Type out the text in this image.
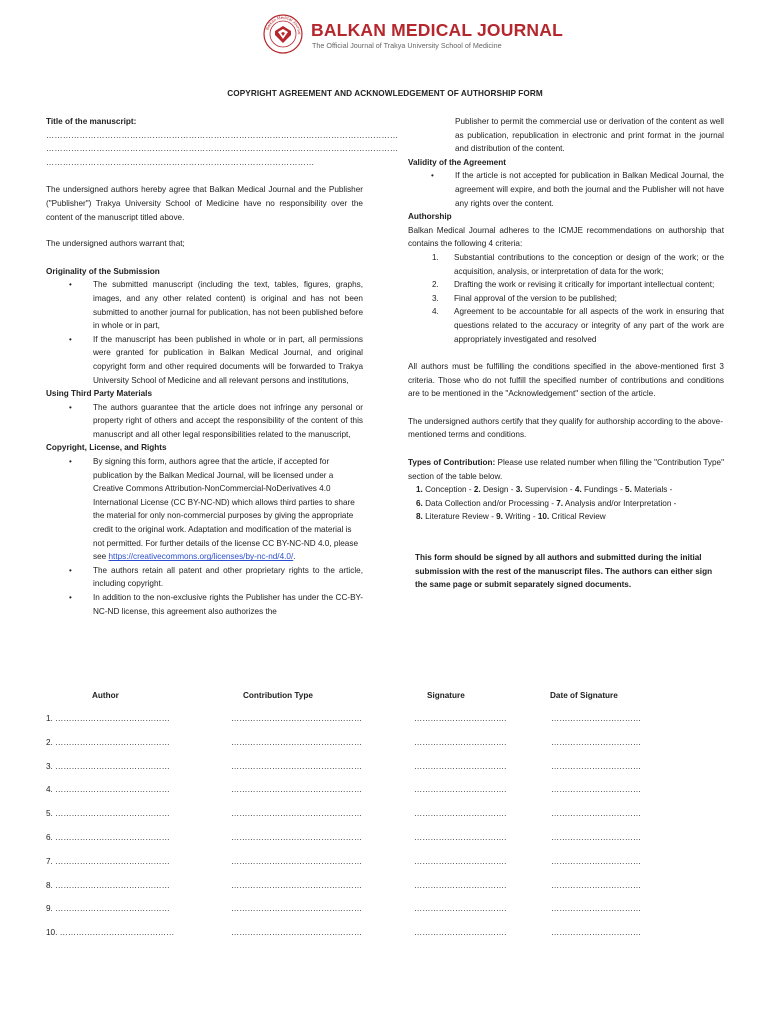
Balkan Medical Journal BALKAN MEDICAL JOURNAL
The Official Journal of Trakya University School of Medicine
COPYRIGHT AGREEMENT AND ACKNOWLEDGEMENT OF AUTHORSHIP FORM
Title of the manuscript:
………………………………………………………………………………………………………………
………………………………………………………………………………………………………………
……………………………………………………………………………………
The undersigned authors hereby agree that Balkan Medical Journal and the Publisher ("Publisher") Trakya University School of Medicine have no responsibility over the content of the manuscript titled above.
The undersigned authors warrant that;
Originality of the Submission
• The submitted manuscript (including the text, tables, figures, graphs, images, and any other related content) is original and has not been submitted to another journal for publication, has not been published before in whole or in part,
• If the manuscript has been published in whole or in part, all permissions were granted for publication in Balkan Medical Journal, and original copyright form and other required documents will be forwarded to Trakya University School of Medicine and all relevant persons and institutions,
Using Third Party Materials
• The authors guarantee that the article does not infringe any personal or property right of others and accept the responsibility of the content of this manuscript and all other legal responsibilities related to the manuscript,
Copyright, License, and Rights
• By signing this form, authors agree that the article, if accepted for publication by the Balkan Medical Journal, will be licensed under a Creative Commons Attribution-NonCommercial-NoDerivatives 4.0 International License (CC BY-NC-ND) which allows third parties to share the material for only non-commercial purposes by giving the appropriate credit to the original work. Adaptation and modification of the material is not permitted. For further details of the license CC BY-NC-ND 4.0, please see https://creativecommons.org/licenses/by-nc-nd/4.0/.
• The authors retain all patent and other proprietary rights to the article, including copyright.
• In addition to the non-exclusive rights the Publisher has under the CC-BY-NC-ND license, this agreement also authorizes the
Publisher to permit the commercial use or derivation of the content as well as publication, republication in electronic and print format in the journal and distribution of the content.
Validity of the Agreement
• If the article is not accepted for publication in Balkan Medical Journal, the agreement will expire, and both the journal and the Publisher will not have any rights over the content.
Authorship
Balkan Medical Journal adheres to the ICMJE recommendations on authorship that contains the following 4 criteria:
1. Substantial contributions to the conception or design of the work; or the acquisition, analysis, or interpretation of data for the work;
2. Drafting the work or revising it critically for important intellectual content;
3. Final approval of the version to be published;
4. Agreement to be accountable for all aspects of the work in ensuring that questions related to the accuracy or integrity of any part of the work are appropriately investigated and resolved
All authors must be fulfilling the conditions specified in the above-mentioned first 3 criteria. Those who do not fulfill the specified number of contributions and conditions are to be mentioned in the "Acknowledgement" section of the article.
The undersigned authors certify that they qualify for authorship according to the above-mentioned terms and conditions.
Types of Contribution: Please use related number when filling the "Contribution Type" section of the table below.
1. Conception - 2. Design - 3. Supervision - 4. Fundings - 5. Materials - 6. Data Collection and/or Processing - 7. Analysis and/or Interpretation - 8. Literature Review - 9. Writing - 10. Critical Review
This form should be signed by all authors and submitted during the initial submission with the rest of the manuscript files. The authors can either sign the same page or submit separately signed documents.
Author	Contribution Type	Signature	Date of Signature
1. ……………………………………	…………………………………………	…………………………….	……………………………
2. ……………………………………	…………………………………………	…………………………….	……………………………
3. ……………………………………	…………………………………………	…………………………….	……………………………
4. ……………………………………	…………………………………………	…………………………….	……………………………
5. ……………………………………	…………………………………………	…………………………….	……………………………
6. ……………………………………	…………………………………………	…………………………….	……………………………
7. ……………………………………	…………………………………………	…………………………….	……………………………
8. ……………………………………	…………………………………………	…………………………….	……………………………
9. ……………………………………	…………………………………………	…………………………….	……………………………
10. ……………………………………	…………………………………………	…………………………….	……………………………
